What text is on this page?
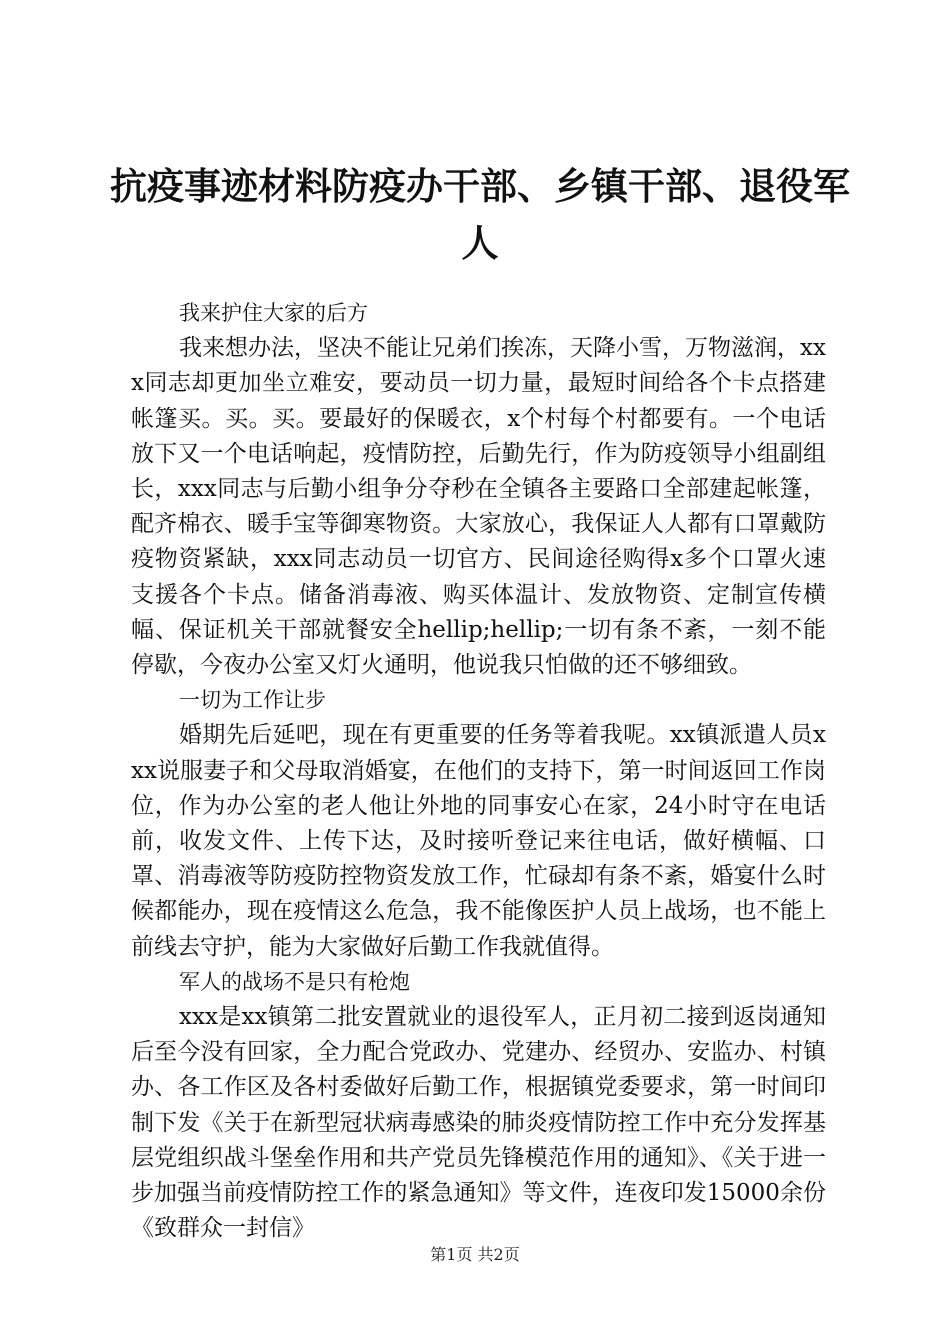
抗疫事迹材料防疫办干部、乡镇干部、退役军人

我来护住大家的后方

我来想办法，坚决不能让兄弟们挨冻，天降小雪，万物滋润，xxx同志却更加坐立难安，要动员一切力量，最短时间给各个卡点搭建帐篷买。买。买。要最好的保暖衣，x个村每个村都要有。一个电话放下又一个电话响起，疫情防控，后勤先行，作为防疫领导小组副组长，xxx同志与后勤小组争分夺秒在全镇各主要路口全部建起帐篷，配齐棉衣、暖手宝等御寒物资。大家放心，我保证人人都有口罩戴防疫物资紧缺，xxx同志动员一切官方、民间途径购得x多个口罩火速支援各个卡点。储备消毒液、购买体温计、发放物资、定制宣传横幅、保证机关干部就餐安全hellip;hellip;一切有条不紊，一刻不能停歇，今夜办公室又灯火通明，他说我只怕做的还不够细致。

一切为工作让步

婚期先后延吧，现在有更重要的任务等着我呢。xx镇派遣人员xxx说服妻子和父母取消婚宴，在他们的支持下，第一时间返回工作岗位，作为办公室的老人他让外地的同事安心在家，24小时守在电话前，收发文件、上传下达，及时接听登记来往电话，做好横幅、口罩、消毒液等防疫防控物资发放工作，忙碌却有条不紊，婚宴什么时候都能办，现在疫情这么危急，我不能像医护人员上战场，也不能上前线去守护，能为大家做好后勤工作我就值得。

军人的战场不是只有枪炮

xxx是xx镇第二批安置就业的退役军人，正月初二接到返岗通知后至今没有回家，全力配合党政办、党建办、经贸办、安监办、村镇办、各工作区及各村委做好后勤工作，根据镇党委要求，第一时间印制下发《关于在新型冠状病毒感染的肺炎疫情防控工作中充分发挥基层党组织战斗堡垒作用和共产党员先锋模范作用的通知》、《关于进一步加强当前疫情防控工作的紧急通知》等文件，连夜印发15000余份《致群众一封信》

第1页 共2页
